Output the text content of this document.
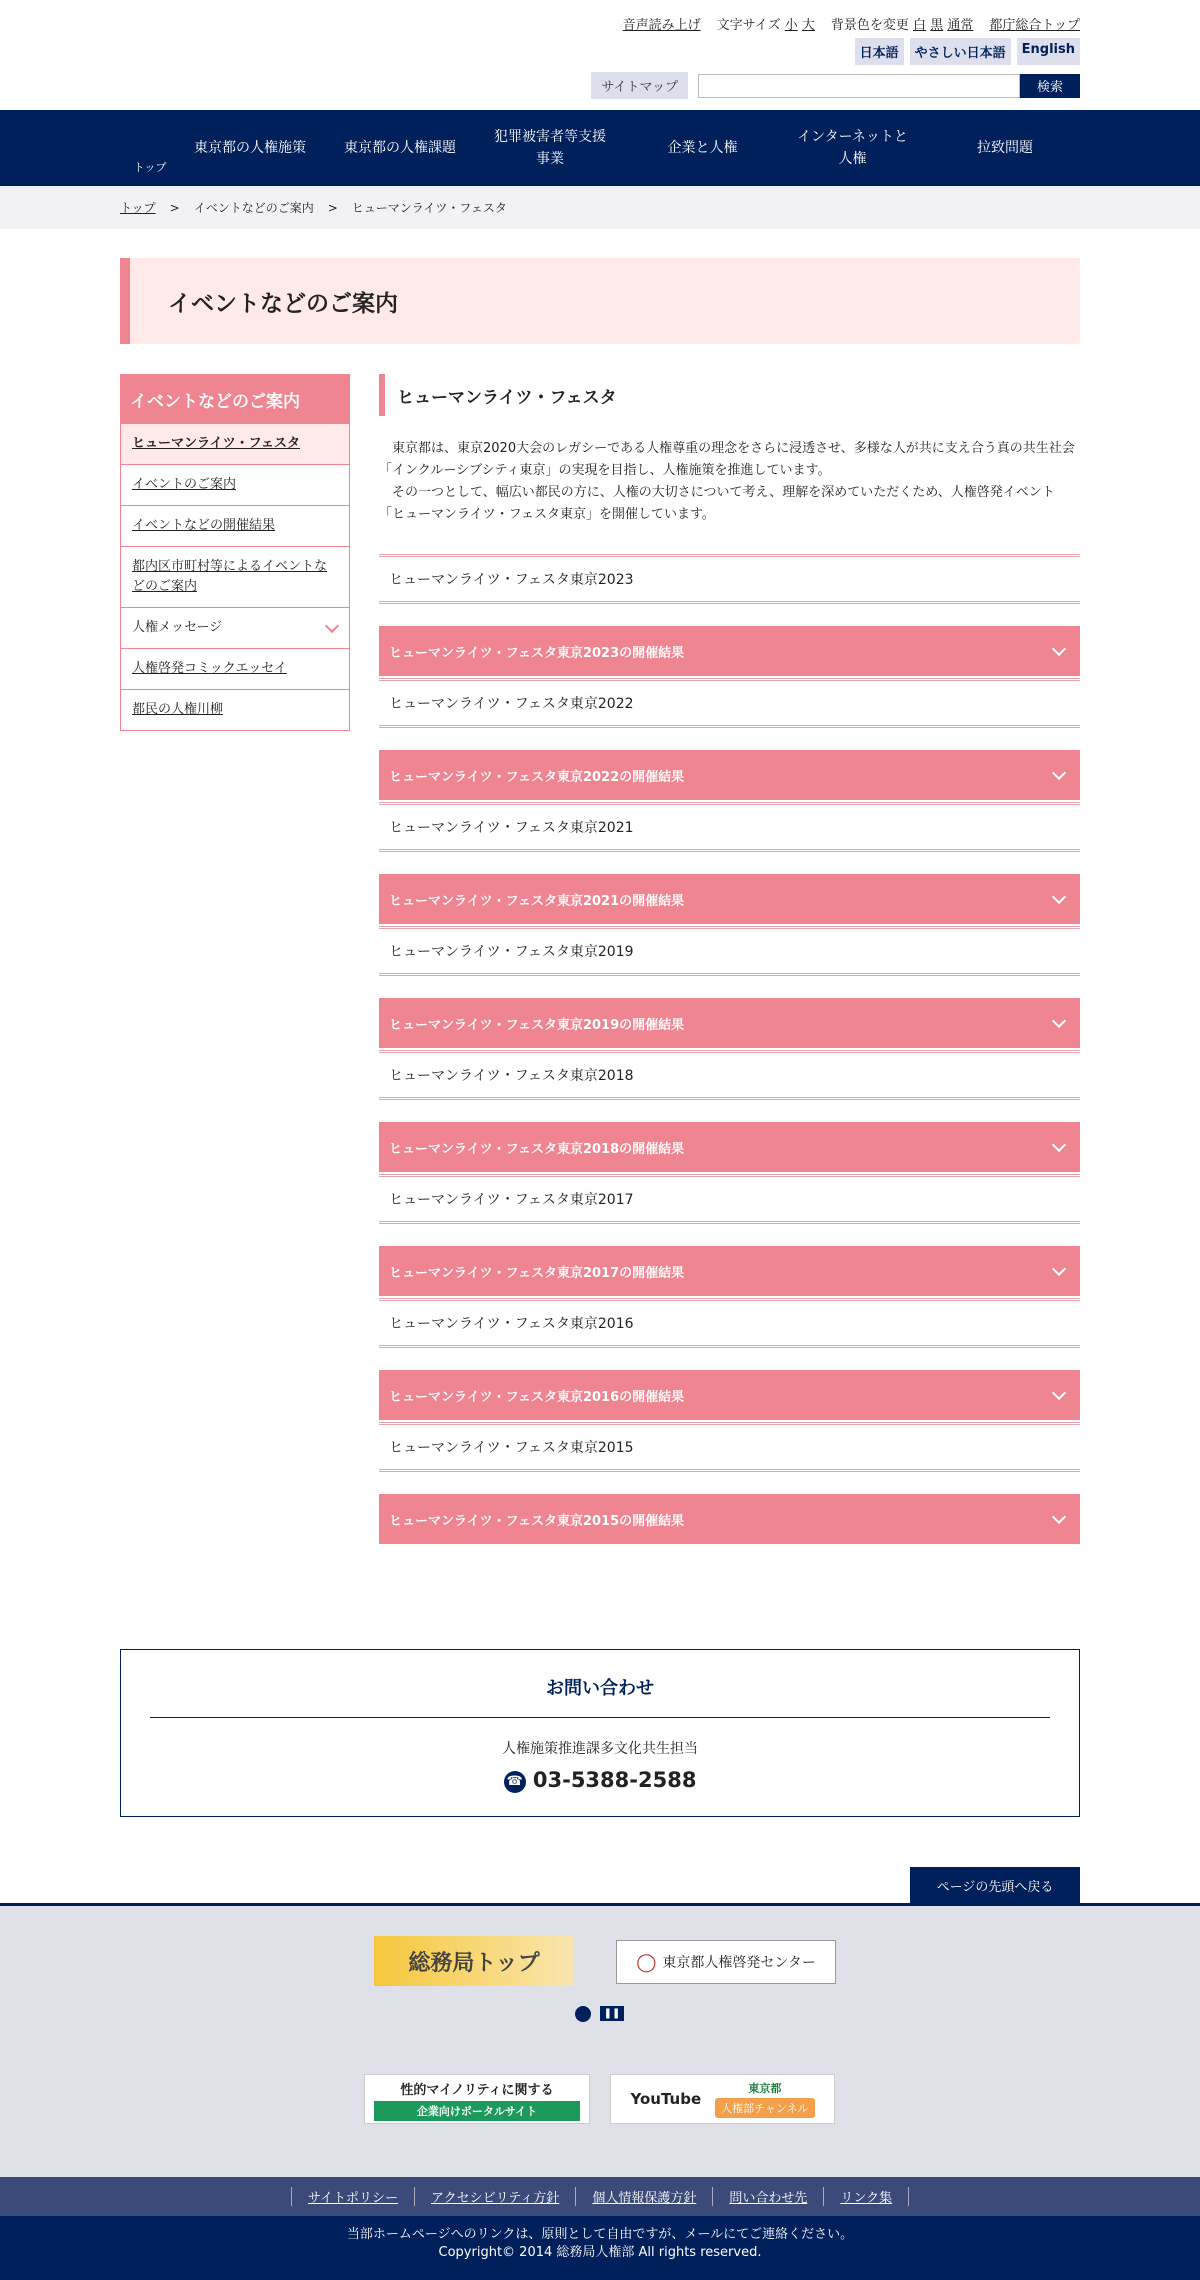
音声読み上げ 文字サイズ 小 大 背景色を変更 白 黒 通常 都庁総合トップ
日本語	やさしい日本語	English
サイトマップ	検索
トップ
東京都の人権施策	東京都の人権課題
犯罪被害者等支援事業
企業と人権
インターネットと人権
拉致問題
トップ > イベントなどのご案内 > ヒューマンライツ・フェスタ
イベントなどのご案内
イベントなどのご案内
ヒューマンライツ・フェスタ
イベントのご案内
イベントなどの開催結果
都内区市町村等によるイベントなどのご案内
人権メッセージ
人権啓発コミックエッセイ
都民の人権川柳
ヒューマンライツ・フェスタ

東京都は、東京2020大会のレガシーである人権尊重の理念をさらに浸透させ、多様な人が共に支え合う真の共生社会「インクルーシブシティ東京」の実現を目指し、人権施策を推進しています。

その一つとして、幅広い都民の方に、人権の大切さについて考え、理解を深めていただくため、人権啓発イベント「ヒューマンライツ・フェスタ東京」を開催しています。

ヒューマンライツ・フェスタ東京2023
ヒューマンライツ・フェスタ東京2023の開催結果
ヒューマンライツ・フェスタ東京2022
ヒューマンライツ・フェスタ東京2022の開催結果
ヒューマンライツ・フェスタ東京2021
ヒューマンライツ・フェスタ東京2021の開催結果
ヒューマンライツ・フェスタ東京2019
ヒューマンライツ・フェスタ東京2019の開催結果
ヒューマンライツ・フェスタ東京2018
ヒューマンライツ・フェスタ東京2018の開催結果
ヒューマンライツ・フェスタ東京2017
ヒューマンライツ・フェスタ東京2017の開催結果
ヒューマンライツ・フェスタ東京2016
ヒューマンライツ・フェスタ東京2016の開催結果
ヒューマンライツ・フェスタ東京2015
ヒューマンライツ・フェスタ東京2015の開催結果
お問い合わせ
人権施策推進課多文化共生担当
☎ 03-5388-2588
ページの先頭へ戻る
総務局トップ	◯ 東京都人権啓発センター
❚❚
性的マイノリティに関する
企業向けポータルサイト
YouTube
東京都
人権部チャンネル
サイトポリシー	アクセシビリティ方針	個人情報保護方針	問い合わせ先	リンク集
当部ホームページへのリンクは、原則として自由ですが、メールにてご連絡ください。
Copyright© 2014 総務局人権部 All rights reserved.
